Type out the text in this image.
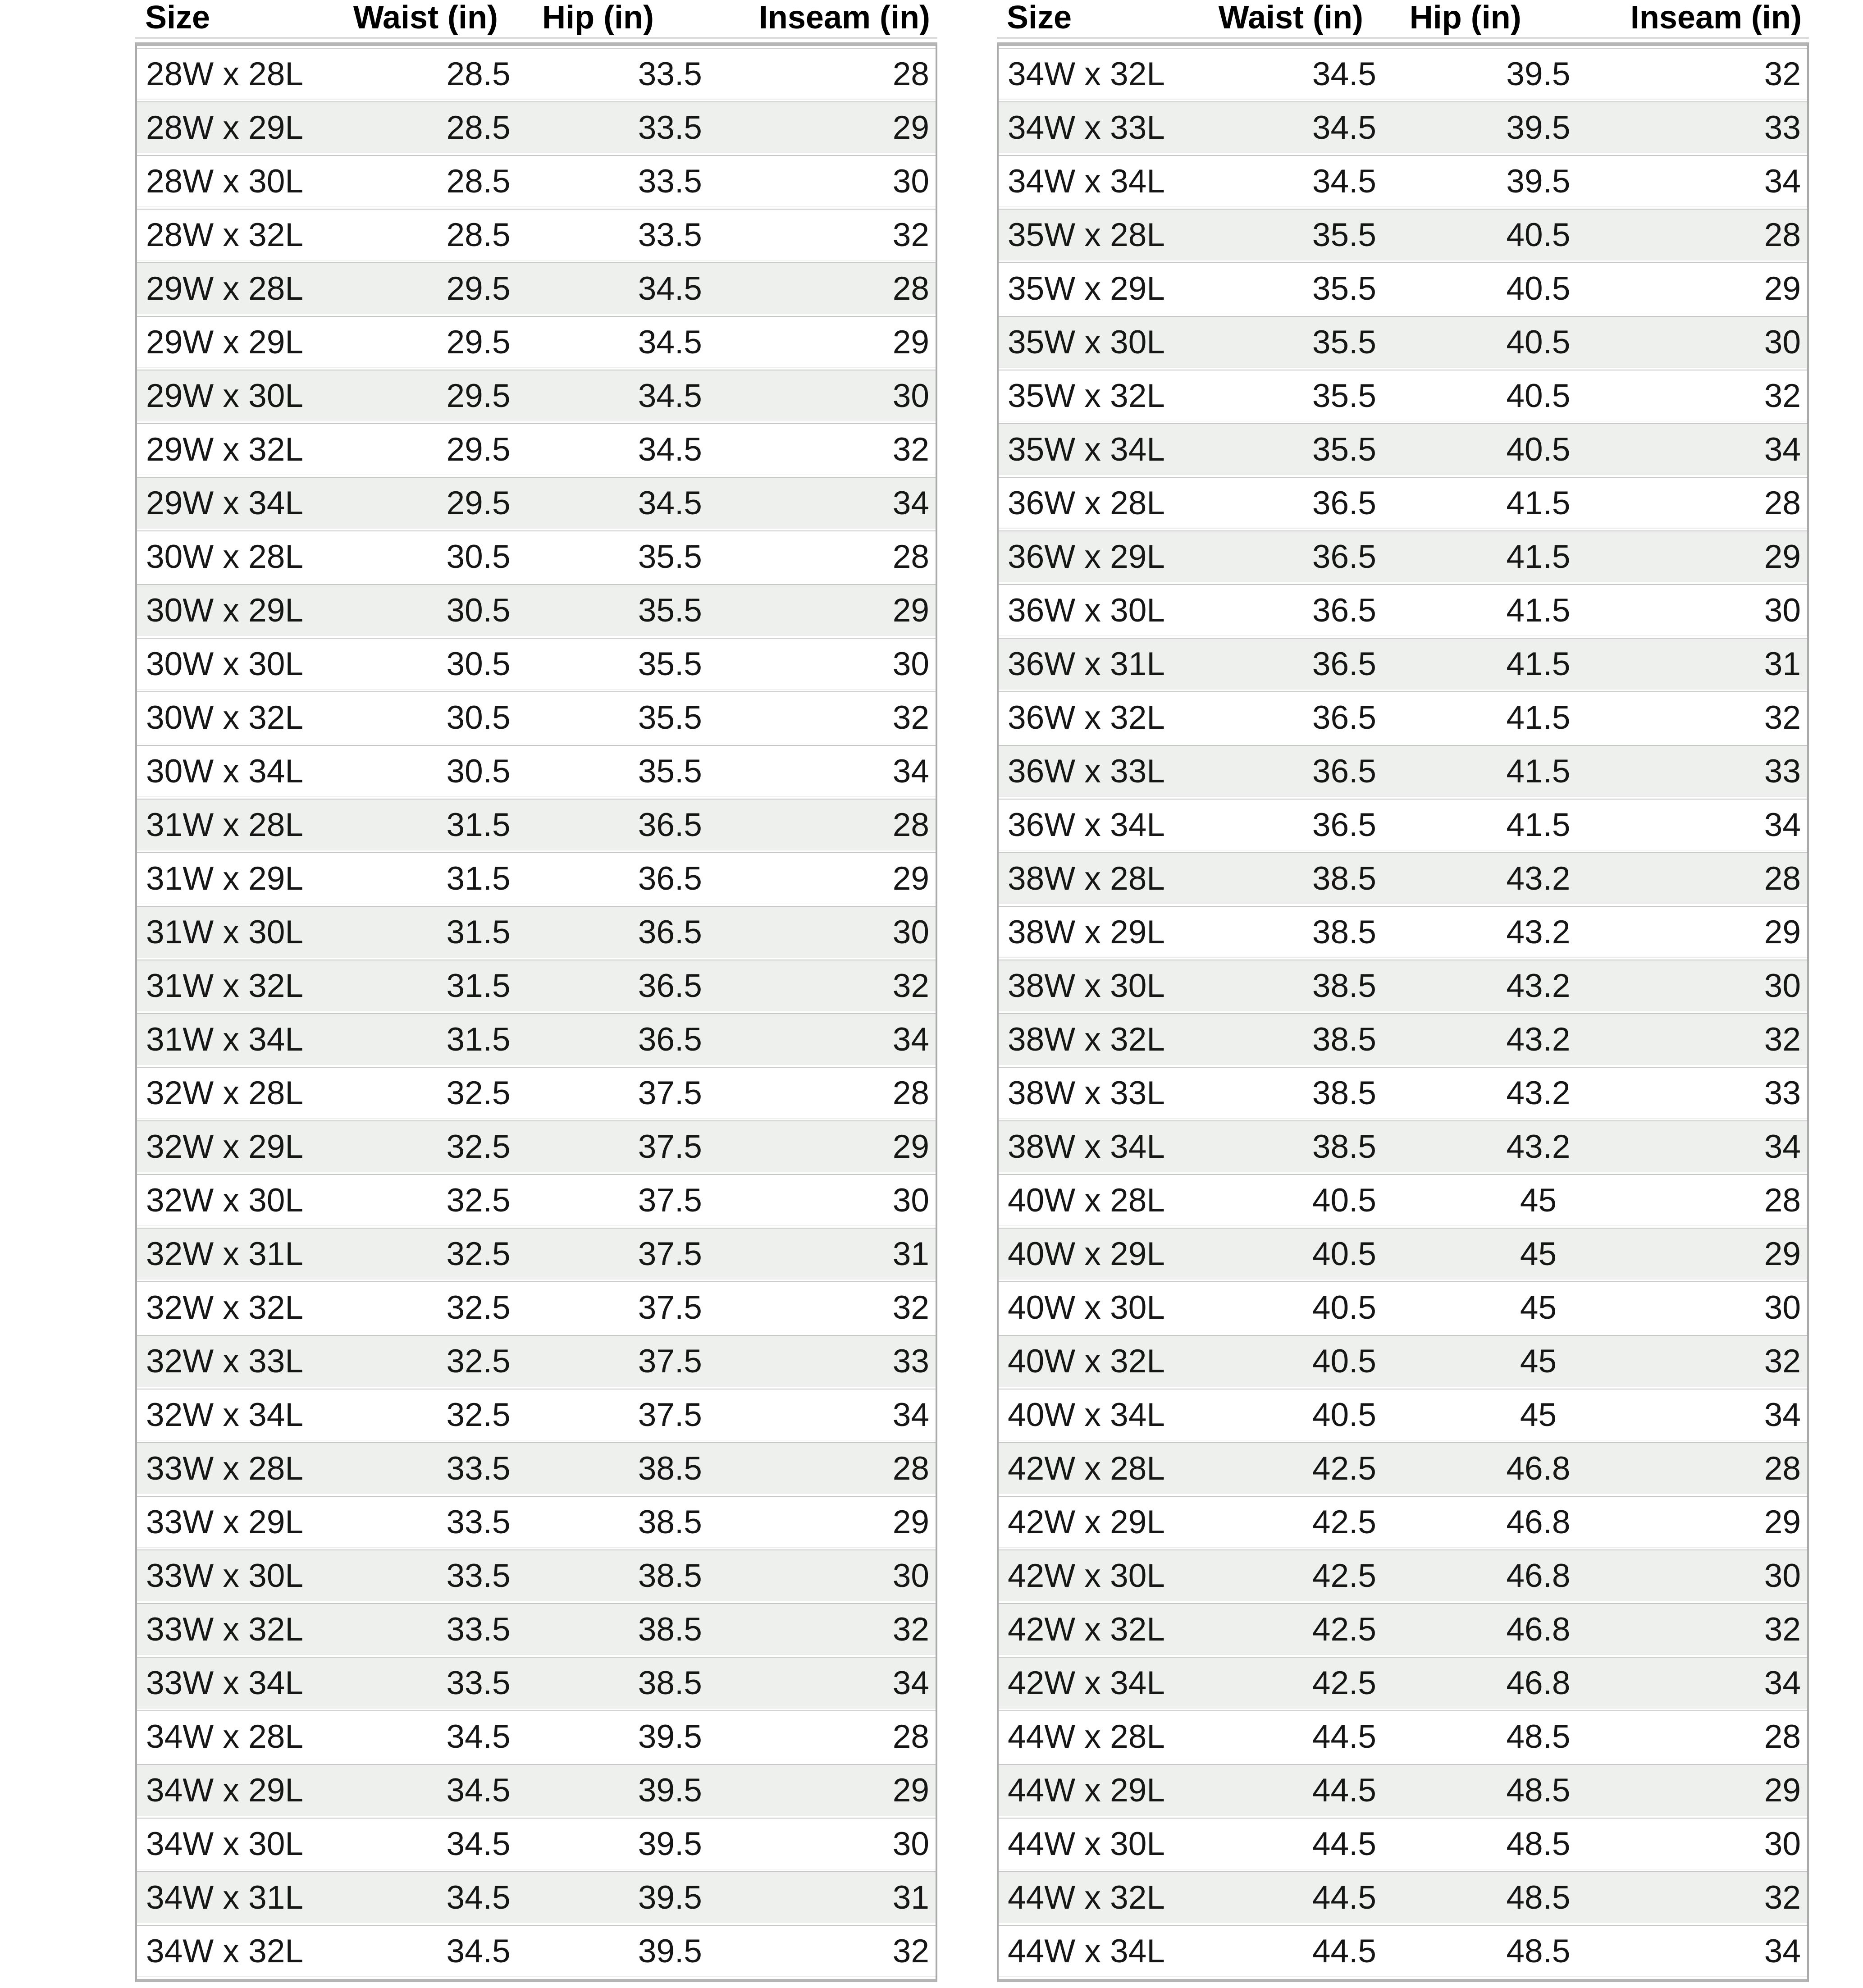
Size	Waist (in)	Hip (in)	Inseam (in)
28W x 28L	28.5	33.5	28
28W x 29L	28.5	33.5	29
28W x 30L	28.5	33.5	30
28W x 32L	28.5	33.5	32
29W x 28L	29.5	34.5	28
29W x 29L	29.5	34.5	29
29W x 30L	29.5	34.5	30
29W x 32L	29.5	34.5	32
29W x 34L	29.5	34.5	34
30W x 28L	30.5	35.5	28
30W x 29L	30.5	35.5	29
30W x 30L	30.5	35.5	30
30W x 32L	30.5	35.5	32
30W x 34L	30.5	35.5	34
31W x 28L	31.5	36.5	28
31W x 29L	31.5	36.5	29
31W x 30L	31.5	36.5	30
31W x 32L	31.5	36.5	32
31W x 34L	31.5	36.5	34
32W x 28L	32.5	37.5	28
32W x 29L	32.5	37.5	29
32W x 30L	32.5	37.5	30
32W x 31L	32.5	37.5	31
32W x 32L	32.5	37.5	32
32W x 33L	32.5	37.5	33
32W x 34L	32.5	37.5	34
33W x 28L	33.5	38.5	28
33W x 29L	33.5	38.5	29
33W x 30L	33.5	38.5	30
33W x 32L	33.5	38.5	32
33W x 34L	33.5	38.5	34
34W x 28L	34.5	39.5	28
34W x 29L	34.5	39.5	29
34W x 30L	34.5	39.5	30
34W x 31L	34.5	39.5	31
34W x 32L	34.5	39.5	32
Size	Waist (in)	Hip (in)	Inseam (in)
34W x 32L	34.5	39.5	32
34W x 33L	34.5	39.5	33
34W x 34L	34.5	39.5	34
35W x 28L	35.5	40.5	28
35W x 29L	35.5	40.5	29
35W x 30L	35.5	40.5	30
35W x 32L	35.5	40.5	32
35W x 34L	35.5	40.5	34
36W x 28L	36.5	41.5	28
36W x 29L	36.5	41.5	29
36W x 30L	36.5	41.5	30
36W x 31L	36.5	41.5	31
36W x 32L	36.5	41.5	32
36W x 33L	36.5	41.5	33
36W x 34L	36.5	41.5	34
38W x 28L	38.5	43.2	28
38W x 29L	38.5	43.2	29
38W x 30L	38.5	43.2	30
38W x 32L	38.5	43.2	32
38W x 33L	38.5	43.2	33
38W x 34L	38.5	43.2	34
40W x 28L	40.5	45	28
40W x 29L	40.5	45	29
40W x 30L	40.5	45	30
40W x 32L	40.5	45	32
40W x 34L	40.5	45	34
42W x 28L	42.5	46.8	28
42W x 29L	42.5	46.8	29
42W x 30L	42.5	46.8	30
42W x 32L	42.5	46.8	32
42W x 34L	42.5	46.8	34
44W x 28L	44.5	48.5	28
44W x 29L	44.5	48.5	29
44W x 30L	44.5	48.5	30
44W x 32L	44.5	48.5	32
44W x 34L	44.5	48.5	34
